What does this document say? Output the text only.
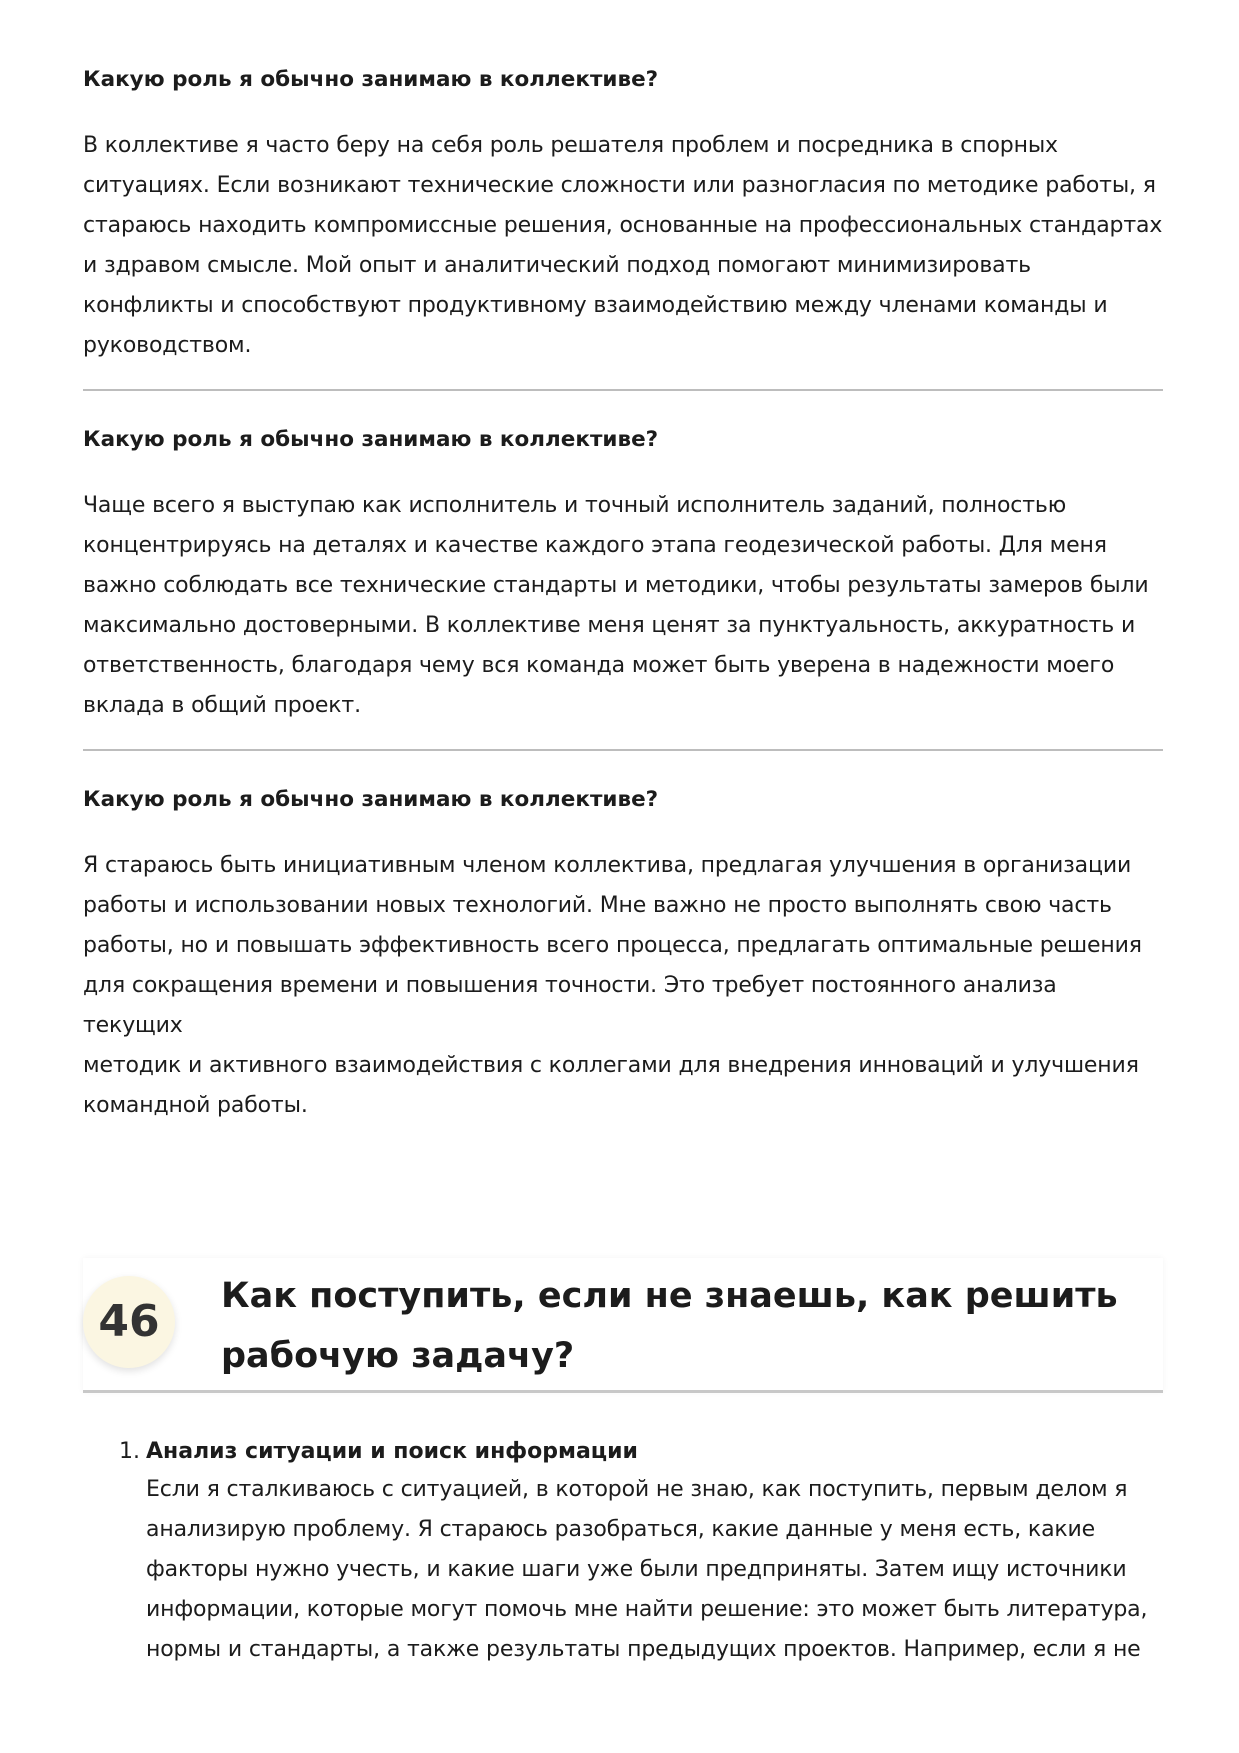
Какую роль я обычно занимаю в коллективе?

В коллективе я часто беру на себя роль решателя проблем и посредника в спорных
ситуациях. Если возникают технические сложности или разногласия по методике работы, я
стараюсь находить компромиссные решения, основанные на профессиональных стандартах
и здравом смысле. Мой опыт и аналитический подход помогают минимизировать
конфликты и способствуют продуктивному взаимодействию между членами команды и
руководством.

Какую роль я обычно занимаю в коллективе?

Чаще всего я выступаю как исполнитель и точный исполнитель заданий, полностью
концентрируясь на деталях и качестве каждого этапа геодезической работы. Для меня
важно соблюдать все технические стандарты и методики, чтобы результаты замеров были
максимально достоверными. В коллективе меня ценят за пунктуальность, аккуратность и
ответственность, благодаря чему вся команда может быть уверена в надежности моего
вклада в общий проект.

Какую роль я обычно занимаю в коллективе?

Я стараюсь быть инициативным членом коллектива, предлагая улучшения в организации
работы и использовании новых технологий. Мне важно не просто выполнять свою часть
работы, но и повышать эффективность всего процесса, предлагать оптимальные решения
для сокращения времени и повышения точности. Это требует постоянного анализа текущих
методик и активного взаимодействия с коллегами для внедрения инноваций и улучшения
командной работы.

46	Как поступить, если не знаешь, как решить
рабочую задачу?
1. Анализ ситуации и поиск информации

Если я сталкиваюсь с ситуацией, в которой не знаю, как поступить, первым делом я
анализирую проблему. Я стараюсь разобраться, какие данные у меня есть, какие
факторы нужно учесть, и какие шаги уже были предприняты. Затем ищу источники
информации, которые могут помочь мне найти решение: это может быть литература,
нормы и стандарты, а также результаты предыдущих проектов. Например, если я не
